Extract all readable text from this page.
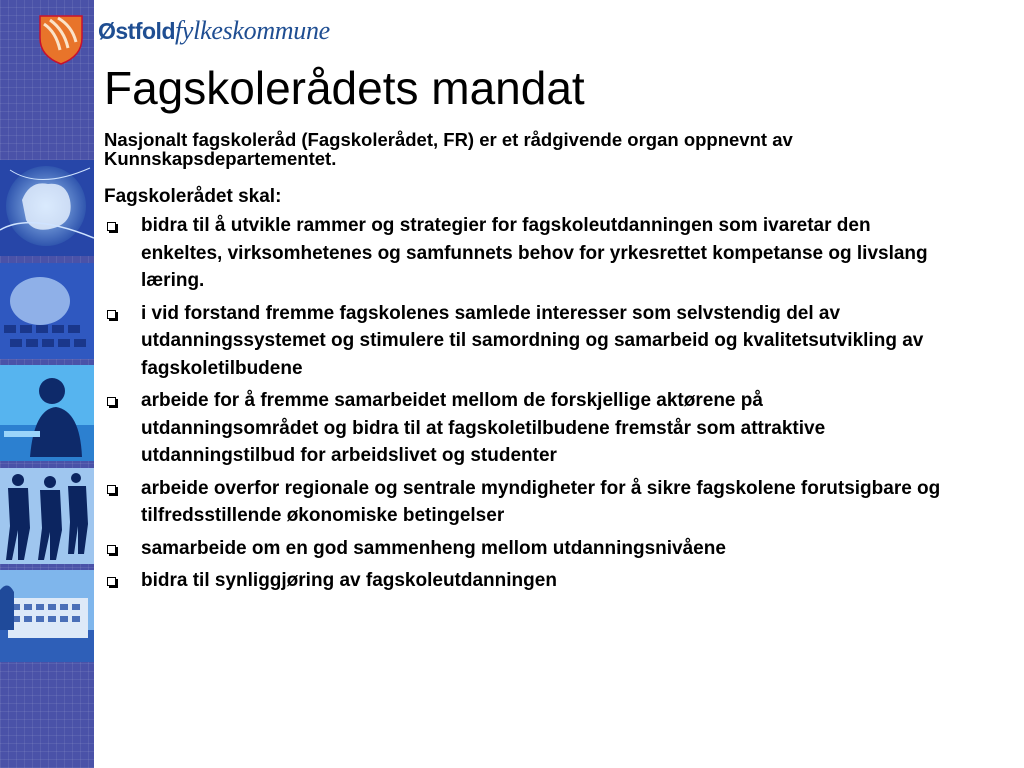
Østfoldfylkeskommune
Fagskolerådets mandat

Nasjonalt fagskoleråd (Fagskolerådet, FR) er et rådgivende organ oppnevnt av Kunnskapsdepartementet.

Fagskolerådet skal:

bidra til å utvikle rammer og strategier for fagskoleutdanningen som ivaretar den enkeltes, virksomhetenes og samfunnets behov for yrkesrettet kompetanse og livslang læring.
i vid forstand fremme fagskolenes samlede interesser som selvstendig del av utdanningssystemet og stimulere til samordning og samarbeid og kvalitetsutvikling av fagskoletilbudene
arbeide for å fremme samarbeidet mellom de forskjellige aktørene på utdanningsområdet og bidra til at fagskoletilbudene fremstår som attraktive utdanningstilbud for arbeidslivet og studenter
arbeide overfor regionale og sentrale myndigheter for å sikre fagskolene forutsigbare og tilfredsstillende økonomiske betingelser
samarbeide om en god sammenheng mellom utdanningsnivåene
bidra til synliggjøring av fagskoleutdanningen
